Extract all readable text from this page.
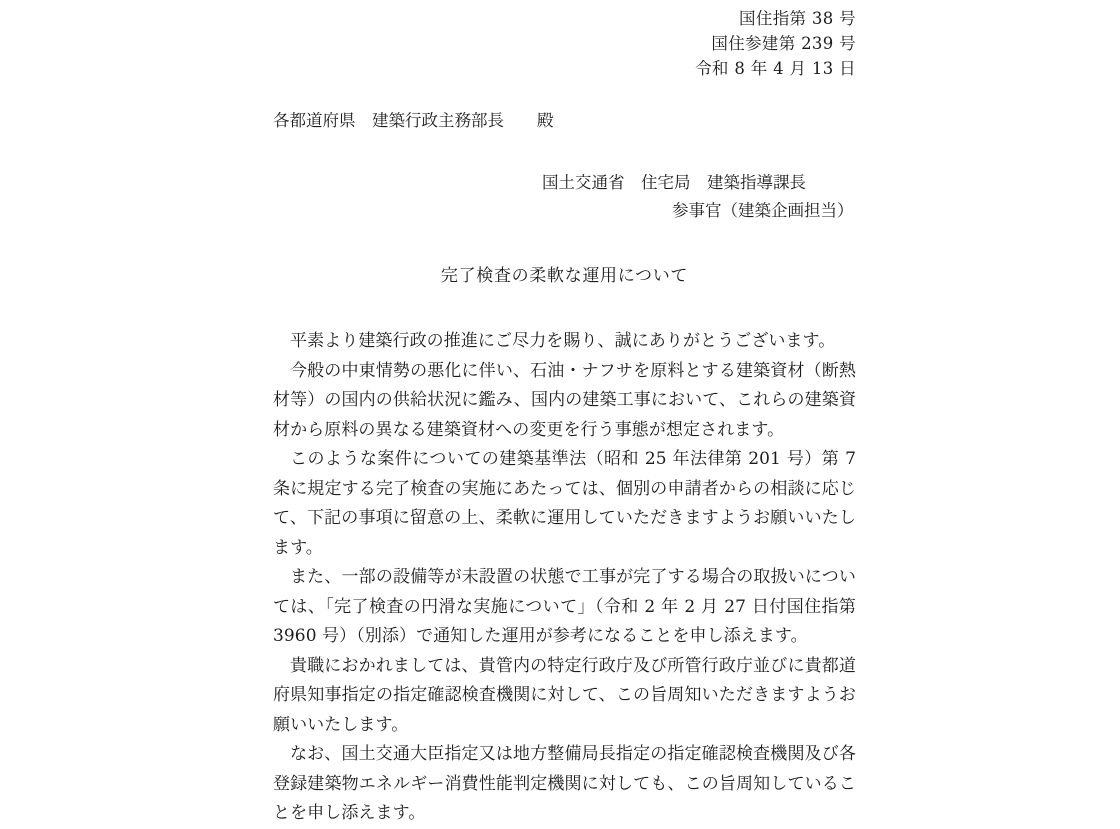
国住指第 38 号
国住参建第 239 号
令和 8 年 4 月 13 日
各都道府県　建築行政主務部長　　殿
国土交通省　住宅局　建築指導課長
参事官（建築企画担当）
完了検査の柔軟な運用について

平素より建築行政の推進にご尽力を賜り、誠にありがとうございます。

今般の中東情勢の悪化に伴い、石油・ナフサを原料とする建築資材（断熱材等）の国内の供給状況に鑑み、国内の建築工事において、これらの建築資材から原料の異なる建築資材への変更を行う事態が想定されます。

このような案件についての建築基準法（昭和 25 年法律第 201 号）第 7 条に規定する完了検査の実施にあたっては、個別の申請者からの相談に応じて、下記の事項に留意の上、柔軟に運用していただきますようお願いいたします。

また、一部の設備等が未設置の状態で工事が完了する場合の取扱いについては、「完了検査の円滑な実施について」（令和 2 年 2 月 27 日付国住指第 3960 号）（別添）で通知した運用が参考になることを申し添えます。

貴職におかれましては、貴管内の特定行政庁及び所管行政庁並びに貴都道府県知事指定の指定確認検査機関に対して、この旨周知いただきますようお願いいたします。

なお、国土交通大臣指定又は地方整備局長指定の指定確認検査機関及び各登録建築物エネルギー消費性能判定機関に対しても、この旨周知していることを申し添えます。
